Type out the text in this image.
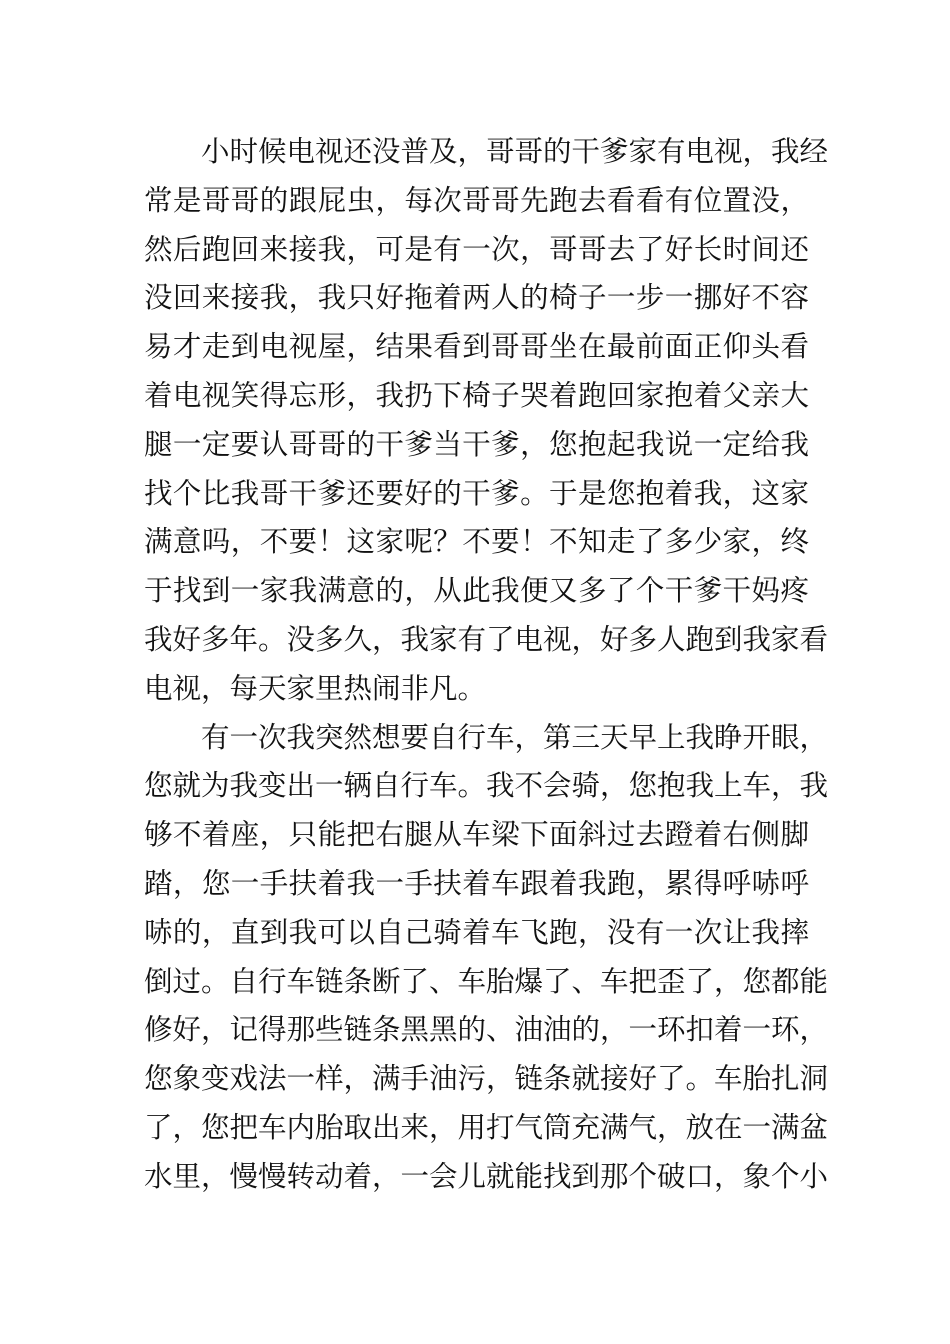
　　小时候电视还没普及，哥哥的干爹家有电视，我经
常是哥哥的跟屁虫，每次哥哥先跑去看看有位置没，
然后跑回来接我，可是有一次，哥哥去了好长时间还
没回来接我，我只好拖着两人的椅子一步一挪好不容
易才走到电视屋，结果看到哥哥坐在最前面正仰头看
着电视笑得忘形，我扔下椅子哭着跑回家抱着父亲大
腿一定要认哥哥的干爹当干爹，您抱起我说一定给我
找个比我哥干爹还要好的干爹。于是您抱着我，这家
满意吗，不要！这家呢？不要！不知走了多少家，终
于找到一家我满意的，从此我便又多了个干爹干妈疼
我好多年。没多久，我家有了电视，好多人跑到我家看
电视，每天家里热闹非凡。
　　有一次我突然想要自行车，第三天早上我睁开眼，
您就为我变出一辆自行车。我不会骑，您抱我上车，我
够不着座，只能把右腿从车梁下面斜过去蹬着右侧脚
踏，您一手扶着我一手扶着车跟着我跑，累得呼哧呼
哧的，直到我可以自己骑着车飞跑，没有一次让我摔
倒过。自行车链条断了、车胎爆了、车把歪了，您都能
修好，记得那些链条黑黑的、油油的，一环扣着一环，
您象变戏法一样，满手油污，链条就接好了。车胎扎洞
了，您把车内胎取出来，用打气筒充满气，放在一满盆
水里，慢慢转动着，一会儿就能找到那个破口，象个小
